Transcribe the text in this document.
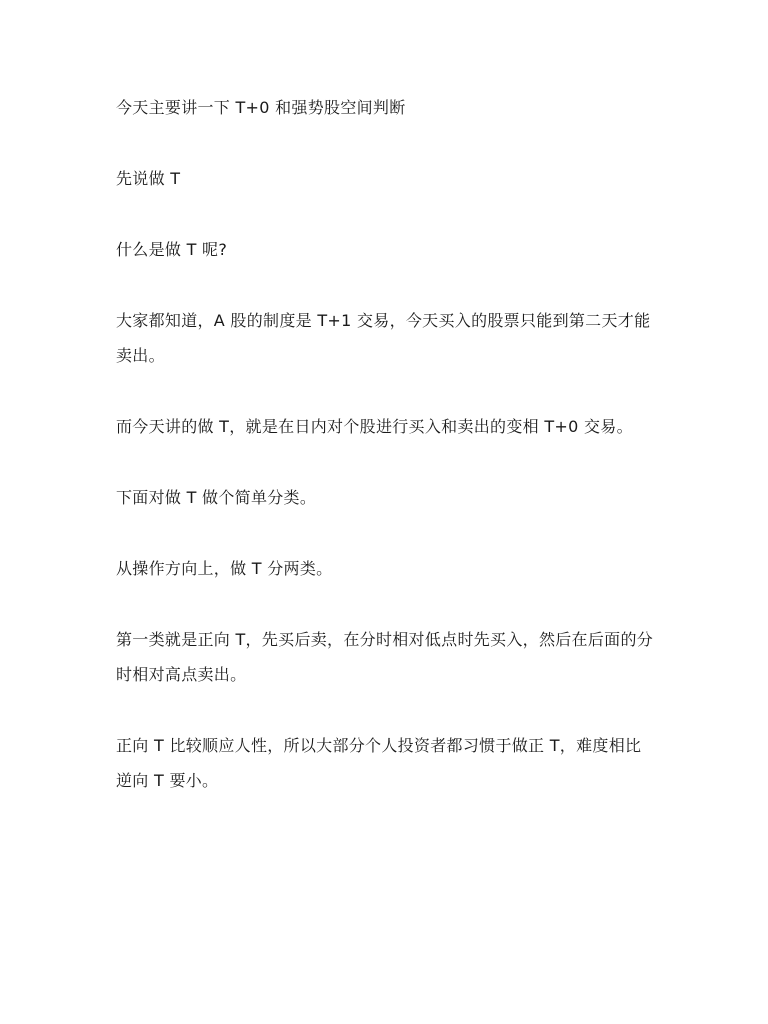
今天主要讲一下 T+0 和强势股空间判断

先说做 T

什么是做 T 呢?

大家都知道，A 股的制度是 T+1 交易，今天买入的股票只能到第二天才能卖出。

而今天讲的做 T，就是在日内对个股进行买入和卖出的变相 T+0 交易。

下面对做 T 做个简单分类。

从操作方向上，做 T 分两类。

第一类就是正向 T，先买后卖，在分时相对低点时先买入，然后在后面的分时相对高点卖出。

正向 T 比较顺应人性，所以大部分个人投资者都习惯于做正 T，难度相比逆向 T 要小。
